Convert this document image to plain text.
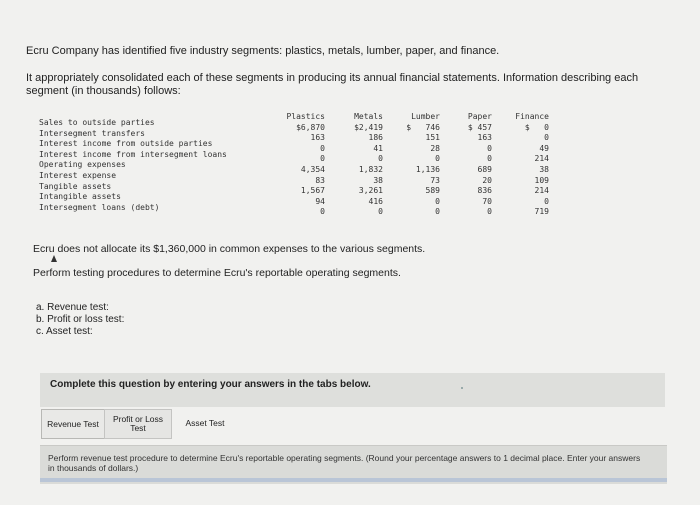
Ecru Company has identified five industry segments: plastics, metals, lumber, paper, and finance.
It appropriately consolidated each of these segments in producing its annual financial statements. Information describing each segment (in thousands) follows:
Sales to outside parties
Intersegment transfers
Interest income from outside parties
Interest income from intersegment loans
Operating expenses
Interest expense
Tangible assets
Intangible assets
Intersegment loans (debt)
Plastics
$6,870
163
0
0
4,354
83
1,567
94
0
Metals
$2,419
186
41
0
1,832
38
3,261
416
0
Lumber
$   746
151
28
0
1,136
73
589
0
0
Paper
$ 457
163
0
0
689
20
836
70
0
Finance
$   0
0
49
214
38
109
214
0
719
Ecru does not allocate its $1,360,000 in common expenses to the various segments.
Perform testing procedures to determine Ecru's reportable operating segments.
a. Revenue test:
b. Profit or loss test:
c. Asset test:
Complete this question by entering your answers in the tabs below.
Revenue Test	Profit or Loss Test
Asset Test
Perform revenue test procedure to determine Ecru's reportable operating segments. (Round your percentage answers to 1 decimal place. Enter your answers in thousands of dollars.)
